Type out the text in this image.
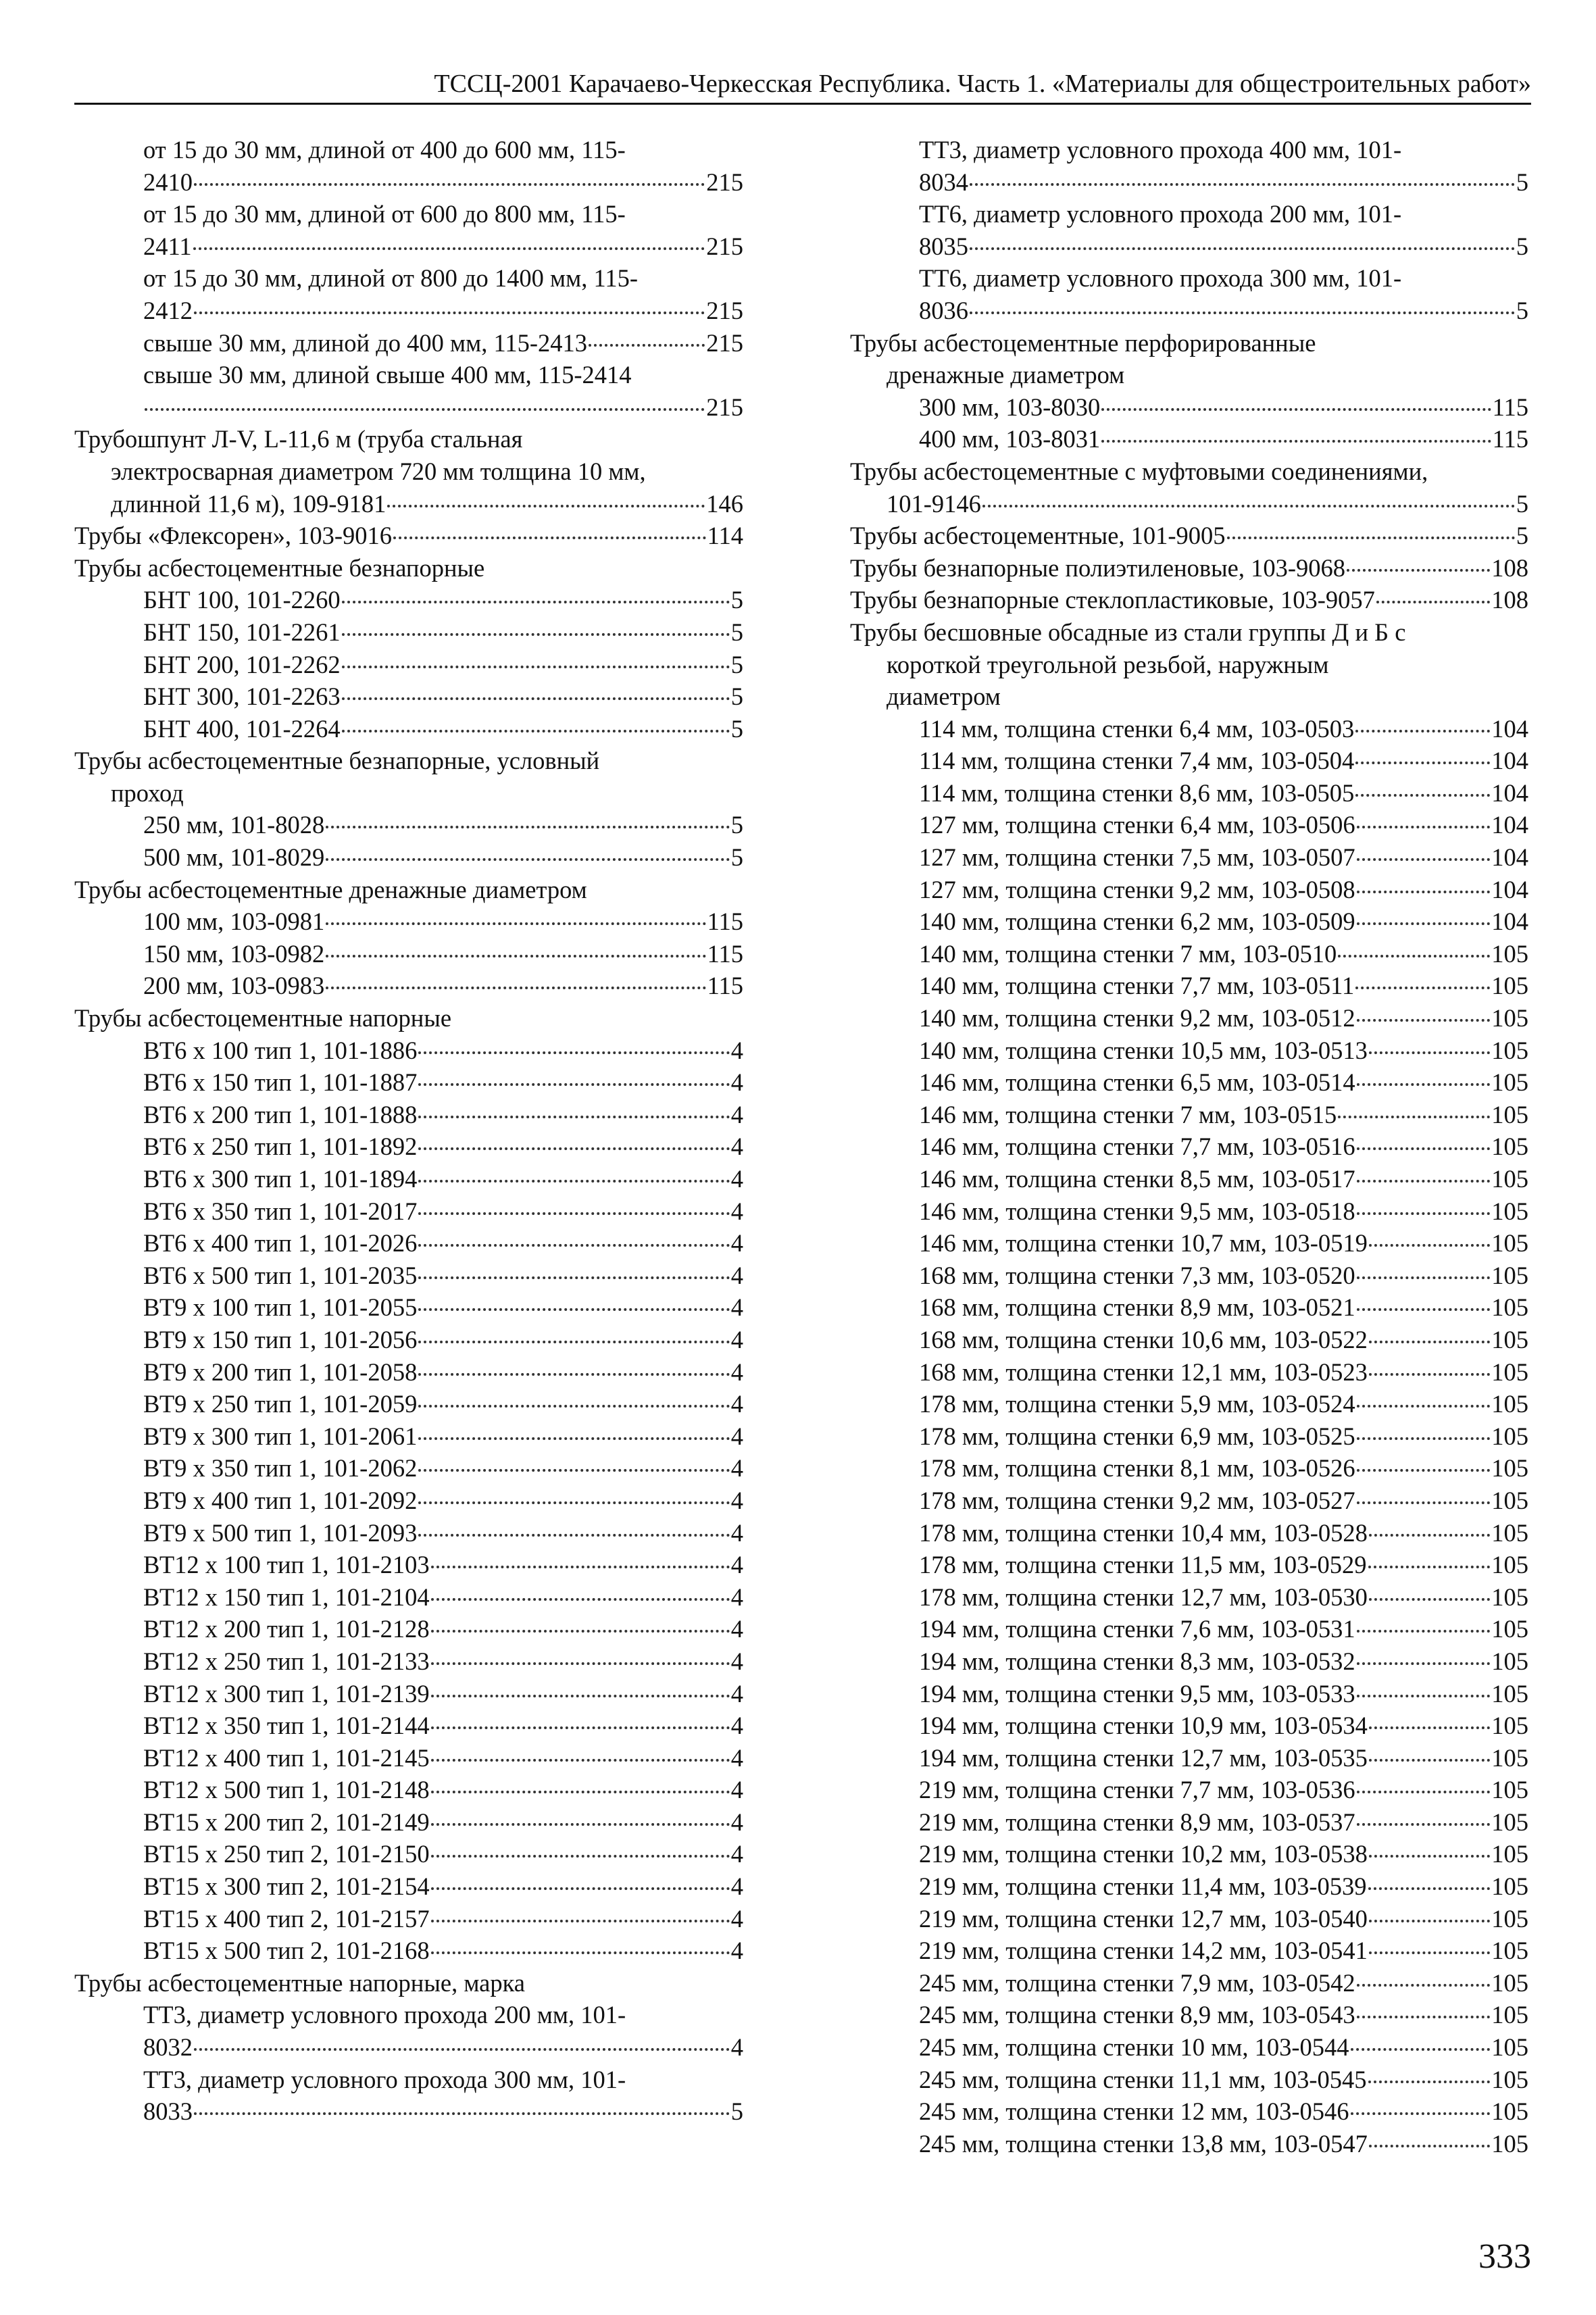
ТССЦ-2001 Карачаево-Черкесская Республика. Часть 1. «Материалы для общестроительных работ»
от 15 до 30 мм, длиной от 400 до 600 мм, 115-
2410	215
от 15 до 30 мм, длиной от 600 до 800 мм, 115-
2411	215
от 15 до 30 мм, длиной от 800 до 1400 мм, 115-
2412	215
свыше 30 мм, длиной до 400 мм, 115-2413	215
свыше 30 мм, длиной свыше 400 мм, 115-2414
215
Трубошпунт Л-V, L-11,6 м (труба стальная
электросварная диаметром 720 мм толщина 10 мм,
длинной 11,6 м), 109-9181	146
Трубы «Флексорен», 103-9016	114
Трубы асбестоцементные безнапорные
БНТ 100, 101-2260	5
БНТ 150, 101-2261	5
БНТ 200, 101-2262	5
БНТ 300, 101-2263	5
БНТ 400, 101-2264	5
Трубы асбестоцементные безнапорные, условный
проход
250 мм, 101-8028	5
500 мм, 101-8029	5
Трубы асбестоцементные дренажные диаметром
100 мм, 103-0981	115
150 мм, 103-0982	115
200 мм, 103-0983	115
Трубы асбестоцементные напорные
ВТ6 х 100 тип 1, 101-1886	4
ВТ6 х 150 тип 1, 101-1887	4
ВТ6 х 200 тип 1, 101-1888	4
ВТ6 х 250 тип 1, 101-1892	4
ВТ6 х 300 тип 1, 101-1894	4
ВТ6 х 350 тип 1, 101-2017	4
ВТ6 х 400 тип 1, 101-2026	4
ВТ6 х 500 тип 1, 101-2035	4
ВТ9 х 100 тип 1, 101-2055	4
ВТ9 х 150 тип 1, 101-2056	4
ВТ9 х 200 тип 1, 101-2058	4
ВТ9 х 250 тип 1, 101-2059	4
ВТ9 х 300 тип 1, 101-2061	4
ВТ9 х 350 тип 1, 101-2062	4
ВТ9 х 400 тип 1, 101-2092	4
ВТ9 х 500 тип 1, 101-2093	4
ВТ12 х 100 тип 1, 101-2103	4
ВТ12 х 150 тип 1, 101-2104	4
ВТ12 х 200 тип 1, 101-2128	4
ВТ12 х 250 тип 1, 101-2133	4
ВТ12 х 300 тип 1, 101-2139	4
ВТ12 х 350 тип 1, 101-2144	4
ВТ12 х 400 тип 1, 101-2145	4
ВТ12 х 500 тип 1, 101-2148	4
ВТ15 х 200 тип 2, 101-2149	4
ВТ15 х 250 тип 2, 101-2150	4
ВТ15 х 300 тип 2, 101-2154	4
ВТ15 х 400 тип 2, 101-2157	4
ВТ15 х 500 тип 2, 101-2168	4
Трубы асбестоцементные напорные, марка
ТТ3, диаметр условного прохода 200 мм, 101-
8032	4
ТТ3, диаметр условного прохода 300 мм, 101-
8033	5
ТТ3, диаметр условного прохода 400 мм, 101-
8034	5
ТТ6, диаметр условного прохода 200 мм, 101-
8035	5
ТТ6, диаметр условного прохода 300 мм, 101-
8036	5
Трубы асбестоцементные перфорированные
дренажные диаметром
300 мм, 103-8030	115
400 мм, 103-8031	115
Трубы асбестоцементные с муфтовыми соединениями,
101-9146	5
Трубы асбестоцементные, 101-9005	5
Трубы безнапорные полиэтиленовые, 103-9068	108
Трубы безнапорные стеклопластиковые, 103-9057	108
Трубы бесшовные обсадные из стали группы Д и Б с
короткой треугольной резьбой, наружным
диаметром
114 мм, толщина стенки 6,4 мм, 103-0503	104
114 мм, толщина стенки 7,4 мм, 103-0504	104
114 мм, толщина стенки 8,6 мм, 103-0505	104
127 мм, толщина стенки 6,4 мм, 103-0506	104
127 мм, толщина стенки 7,5 мм, 103-0507	104
127 мм, толщина стенки 9,2 мм, 103-0508	104
140 мм, толщина стенки 6,2 мм, 103-0509	104
140 мм, толщина стенки 7 мм, 103-0510	105
140 мм, толщина стенки 7,7 мм, 103-0511	105
140 мм, толщина стенки 9,2 мм, 103-0512	105
140 мм, толщина стенки 10,5 мм, 103-0513	105
146 мм, толщина стенки 6,5 мм, 103-0514	105
146 мм, толщина стенки 7 мм, 103-0515	105
146 мм, толщина стенки 7,7 мм, 103-0516	105
146 мм, толщина стенки 8,5 мм, 103-0517	105
146 мм, толщина стенки 9,5 мм, 103-0518	105
146 мм, толщина стенки 10,7 мм, 103-0519	105
168 мм, толщина стенки 7,3 мм, 103-0520	105
168 мм, толщина стенки 8,9 мм, 103-0521	105
168 мм, толщина стенки 10,6 мм, 103-0522	105
168 мм, толщина стенки 12,1 мм, 103-0523	105
178 мм, толщина стенки 5,9 мм, 103-0524	105
178 мм, толщина стенки 6,9 мм, 103-0525	105
178 мм, толщина стенки 8,1 мм, 103-0526	105
178 мм, толщина стенки 9,2 мм, 103-0527	105
178 мм, толщина стенки 10,4 мм, 103-0528	105
178 мм, толщина стенки 11,5 мм, 103-0529	105
178 мм, толщина стенки 12,7 мм, 103-0530	105
194 мм, толщина стенки 7,6 мм, 103-0531	105
194 мм, толщина стенки 8,3 мм, 103-0532	105
194 мм, толщина стенки 9,5 мм, 103-0533	105
194 мм, толщина стенки 10,9 мм, 103-0534	105
194 мм, толщина стенки 12,7 мм, 103-0535	105
219 мм, толщина стенки 7,7 мм, 103-0536	105
219 мм, толщина стенки 8,9 мм, 103-0537	105
219 мм, толщина стенки 10,2 мм, 103-0538	105
219 мм, толщина стенки 11,4 мм, 103-0539	105
219 мм, толщина стенки 12,7 мм, 103-0540	105
219 мм, толщина стенки 14,2 мм, 103-0541	105
245 мм, толщина стенки 7,9 мм, 103-0542	105
245 мм, толщина стенки 8,9 мм, 103-0543	105
245 мм, толщина стенки 10 мм, 103-0544	105
245 мм, толщина стенки 11,1 мм, 103-0545	105
245 мм, толщина стенки 12 мм, 103-0546	105
245 мм, толщина стенки 13,8 мм, 103-0547	105
333
